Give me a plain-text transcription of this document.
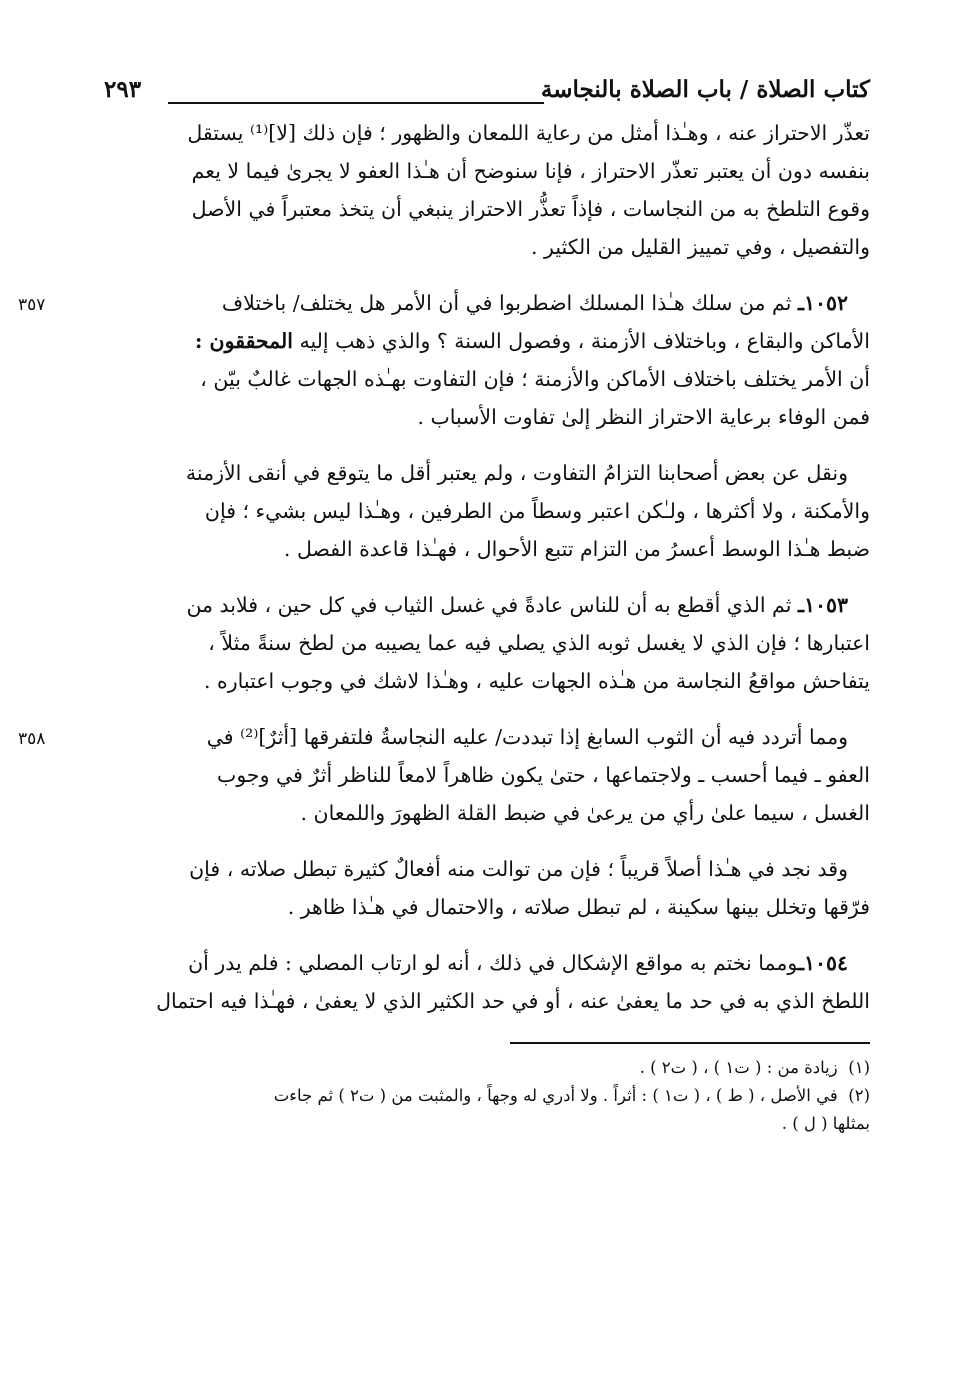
كتاب الصلاة / باب الصلاة بالنجاسة
٢٩٣
تعذّر الاحتراز عنه ، وهـٰذا أمثل من رعاية اللمعان والظهور ؛ فإن ذلك [لا]⁽¹⁾ يستقل
بنفسه دون أن يعتبر تعذّر الاحتراز ، فإنا سنوضح أن هـٰذا العفو لا يجرىٰ فيما لا يعم
وقوع التلطخ به من النجاسات ، فإذاً تعذُّر الاحتراز ينبغي أن يتخذ معتبراً في الأصل
والتفصيل ، وفي تمييز القليل من الكثير .
٣٥٧	١٠٥٢ـ ثم من سلك هـٰذا المسلك اضطربوا في أن الأمر هل يختلف/ باختلاف
الأماكن والبقاع ، وباختلاف الأزمنة ، وفصول السنة ؟ والذي ذهب إليه المحققون :
أن الأمر يختلف باختلاف الأماكن والأزمنة ؛ فإن التفاوت بهـٰذه الجهات غالبٌ بيّن ،
فمن الوفاء برعاية الاحتراز النظر إلىٰ تفاوت الأسباب .
ونقل عن بعض أصحابنا التزامُ التفاوت ، ولم يعتبر أقل ما يتوقع في أنقى الأزمنة
والأمكنة ، ولا أكثرها ، ولـٰكن اعتبر وسطاً من الطرفين ، وهـٰذا ليس بشيء ؛ فإن
ضبط هـٰذا الوسط أعسرُ من التزام تتبع الأحوال ، فهـٰذا قاعدة الفصل .
١٠٥٣ـ ثم الذي أقطع به أن للناس عادةً في غسل الثياب في كل حين ، فلابد من
اعتبارها ؛ فإن الذي لا يغسل ثوبه الذي يصلي فيه عما يصيبه من لطخ سنةً مثلاً ،
يتفاحش مواقعُ النجاسة من هـٰذه الجهات عليه ، وهـٰذا لاشك في وجوب اعتباره .
٣٥٨	ومما أتردد فيه أن الثوب السابغ إذا تبددت/ عليه النجاسةُ فلتفرقها [أثرٌ]⁽²⁾ في
العفو ـ فيما أحسب ـ ولاجتماعها ، حتىٰ يكون ظاهراً لامعاً للناظر أثرٌ في وجوب
الغسل ، سيما علىٰ رأي من يرعىٰ في ضبط القلة الظهورَ واللمعان .
وقد نجد في هـٰذا أصلاً قريباً ؛ فإن من توالت منه أفعالٌ كثيرة تبطل صلاته ، فإن
فرّقها وتخلل بينها سكينة ، لم تبطل صلاته ، والاحتمال في هـٰذا ظاهر .
١٠٥٤ـومما نختم به مواقع الإشكال في ذلك ، أنه لو ارتاب المصلي : فلم يدر أن
اللطخ الذي به في حد ما يعفىٰ عنه ، أو في حد الكثير الذي لا يعفىٰ ، فهـٰذا فيه احتمال
(١)  زيادة من : ( ت١ ) ، ( ت٢ ) .
(٢)  في الأصل ، ( ط ) ، ( ت١ ) : أثراً . ولا أدري له وجهاً ، والمثبت من ( ت٢ ) ثم جاءت
بمثلها ( ل ) .
